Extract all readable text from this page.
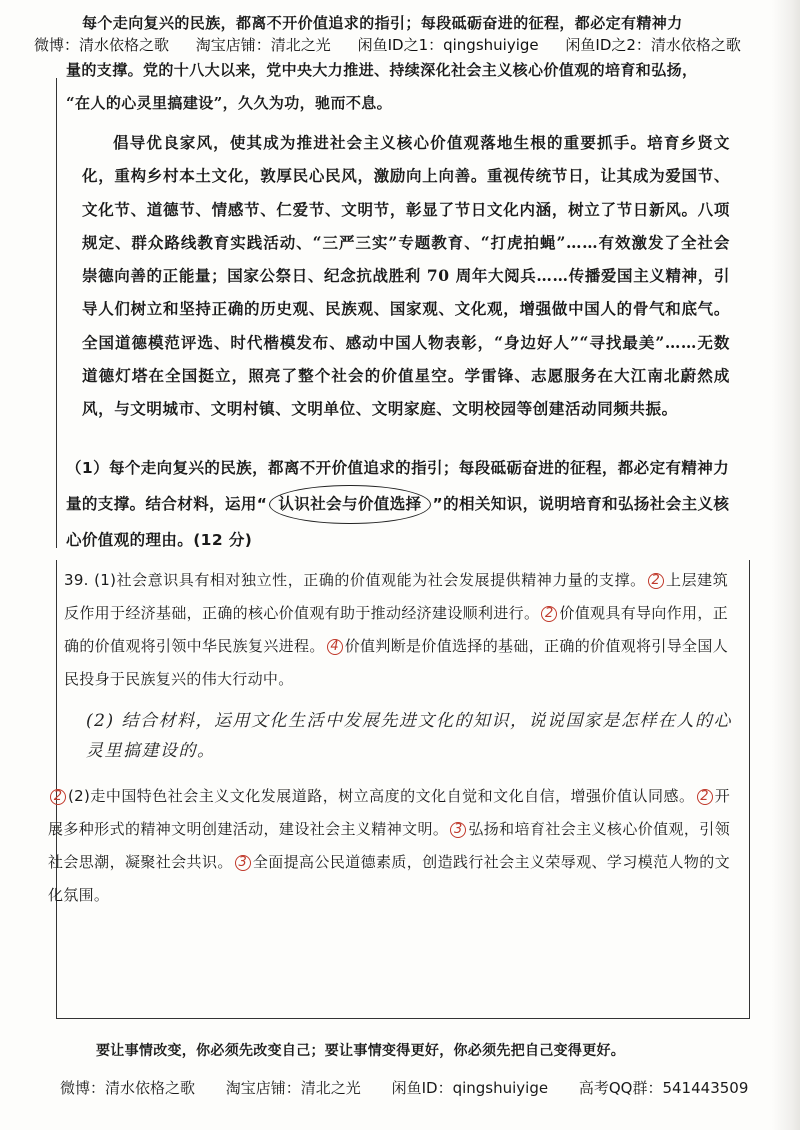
每个走向复兴的民族，都离不开价值追求的指引；每段砥砺奋进的征程，都必定有精神力
微博：清水依格之歌 淘宝店铺：清北之光 闲鱼ID之1：qingshuiyige 闲鱼ID之2：清水依格之歌
量的支撑。党的十八大以来，党中央大力推进、持续深化社会主义核心价值观的培育和弘扬，
“在人的心灵里搞建设”，久久为功，驰而不息。

倡导优良家风，使其成为推进社会主义核心价值观落地生根的重要抓手。培育乡贤文化，重构乡村本土文化，敦厚民心民风，激励向上向善。重视传统节日，让其成为爱国节、文化节、道德节、情感节、仁爱节、文明节，彰显了节日文化内涵，树立了节日新风。八项规定、群众路线教育实践活动、“三严三实”专题教育、“打虎拍蝇”……有效激发了全社会崇德向善的正能量；国家公祭日、纪念抗战胜利 70 周年大阅兵……传播爱国主义精神，引导人们树立和坚持正确的历史观、民族观、国家观、文化观，增强做中国人的骨气和底气。全国道德模范评选、时代楷模发布、感动中国人物表彰，“身边好人”“寻找最美”……无数道德灯塔在全国挺立，照亮了整个社会的价值星空。学雷锋、志愿服务在大江南北蔚然成风，与文明城市、文明村镇、文明单位、文明家庭、文明校园等创建活动同频共振。

（1）每个走向复兴的民族，都离不开价值追求的指引；每段砥砺奋进的征程，都必定有精神力量的支撑。结合材料，运用“ 认识社会与价值选择 ”的相关知识，说明培育和弘扬社会主义核心价值观的理由。(12 分)

39. (1)社会意识具有相对独立性，正确的价值观能为社会发展提供精神力量的支撑。 2 上层建筑反作用于经济基础，正确的核心价值观有助于推动经济建设顺利进行。 2 价值观具有导向作用，正确的价值观将引领中华民族复兴进程。 4 价值判断是价值选择的基础，正确的价值观将引导全国人民投身于民族复兴的伟大行动中。

(2) 结合材料，运用文化生活中发展先进文化的知识，说说国家是怎样在人的心灵里搞建设的。

2 (2)走中国特色社会主义文化发展道路，树立高度的文化自觉和文化自信，增强价值认同感。 2 开展多种形式的精神文明创建活动，建设社会主义精神文明。 3 弘扬和培育社会主义核心价值观，引领社会思潮，凝聚社会共识。 3 全面提高公民道德素质，创造践行社会主义荣辱观、学习模范人物的文化氛围。

要让事情改变，你必须先改变自己；要让事情变得更好，你必须先把自己变得更好。
微博：清水依格之歌 淘宝店铺：清北之光 闲鱼ID：qingshuiyige 高考QQ群：541443509
